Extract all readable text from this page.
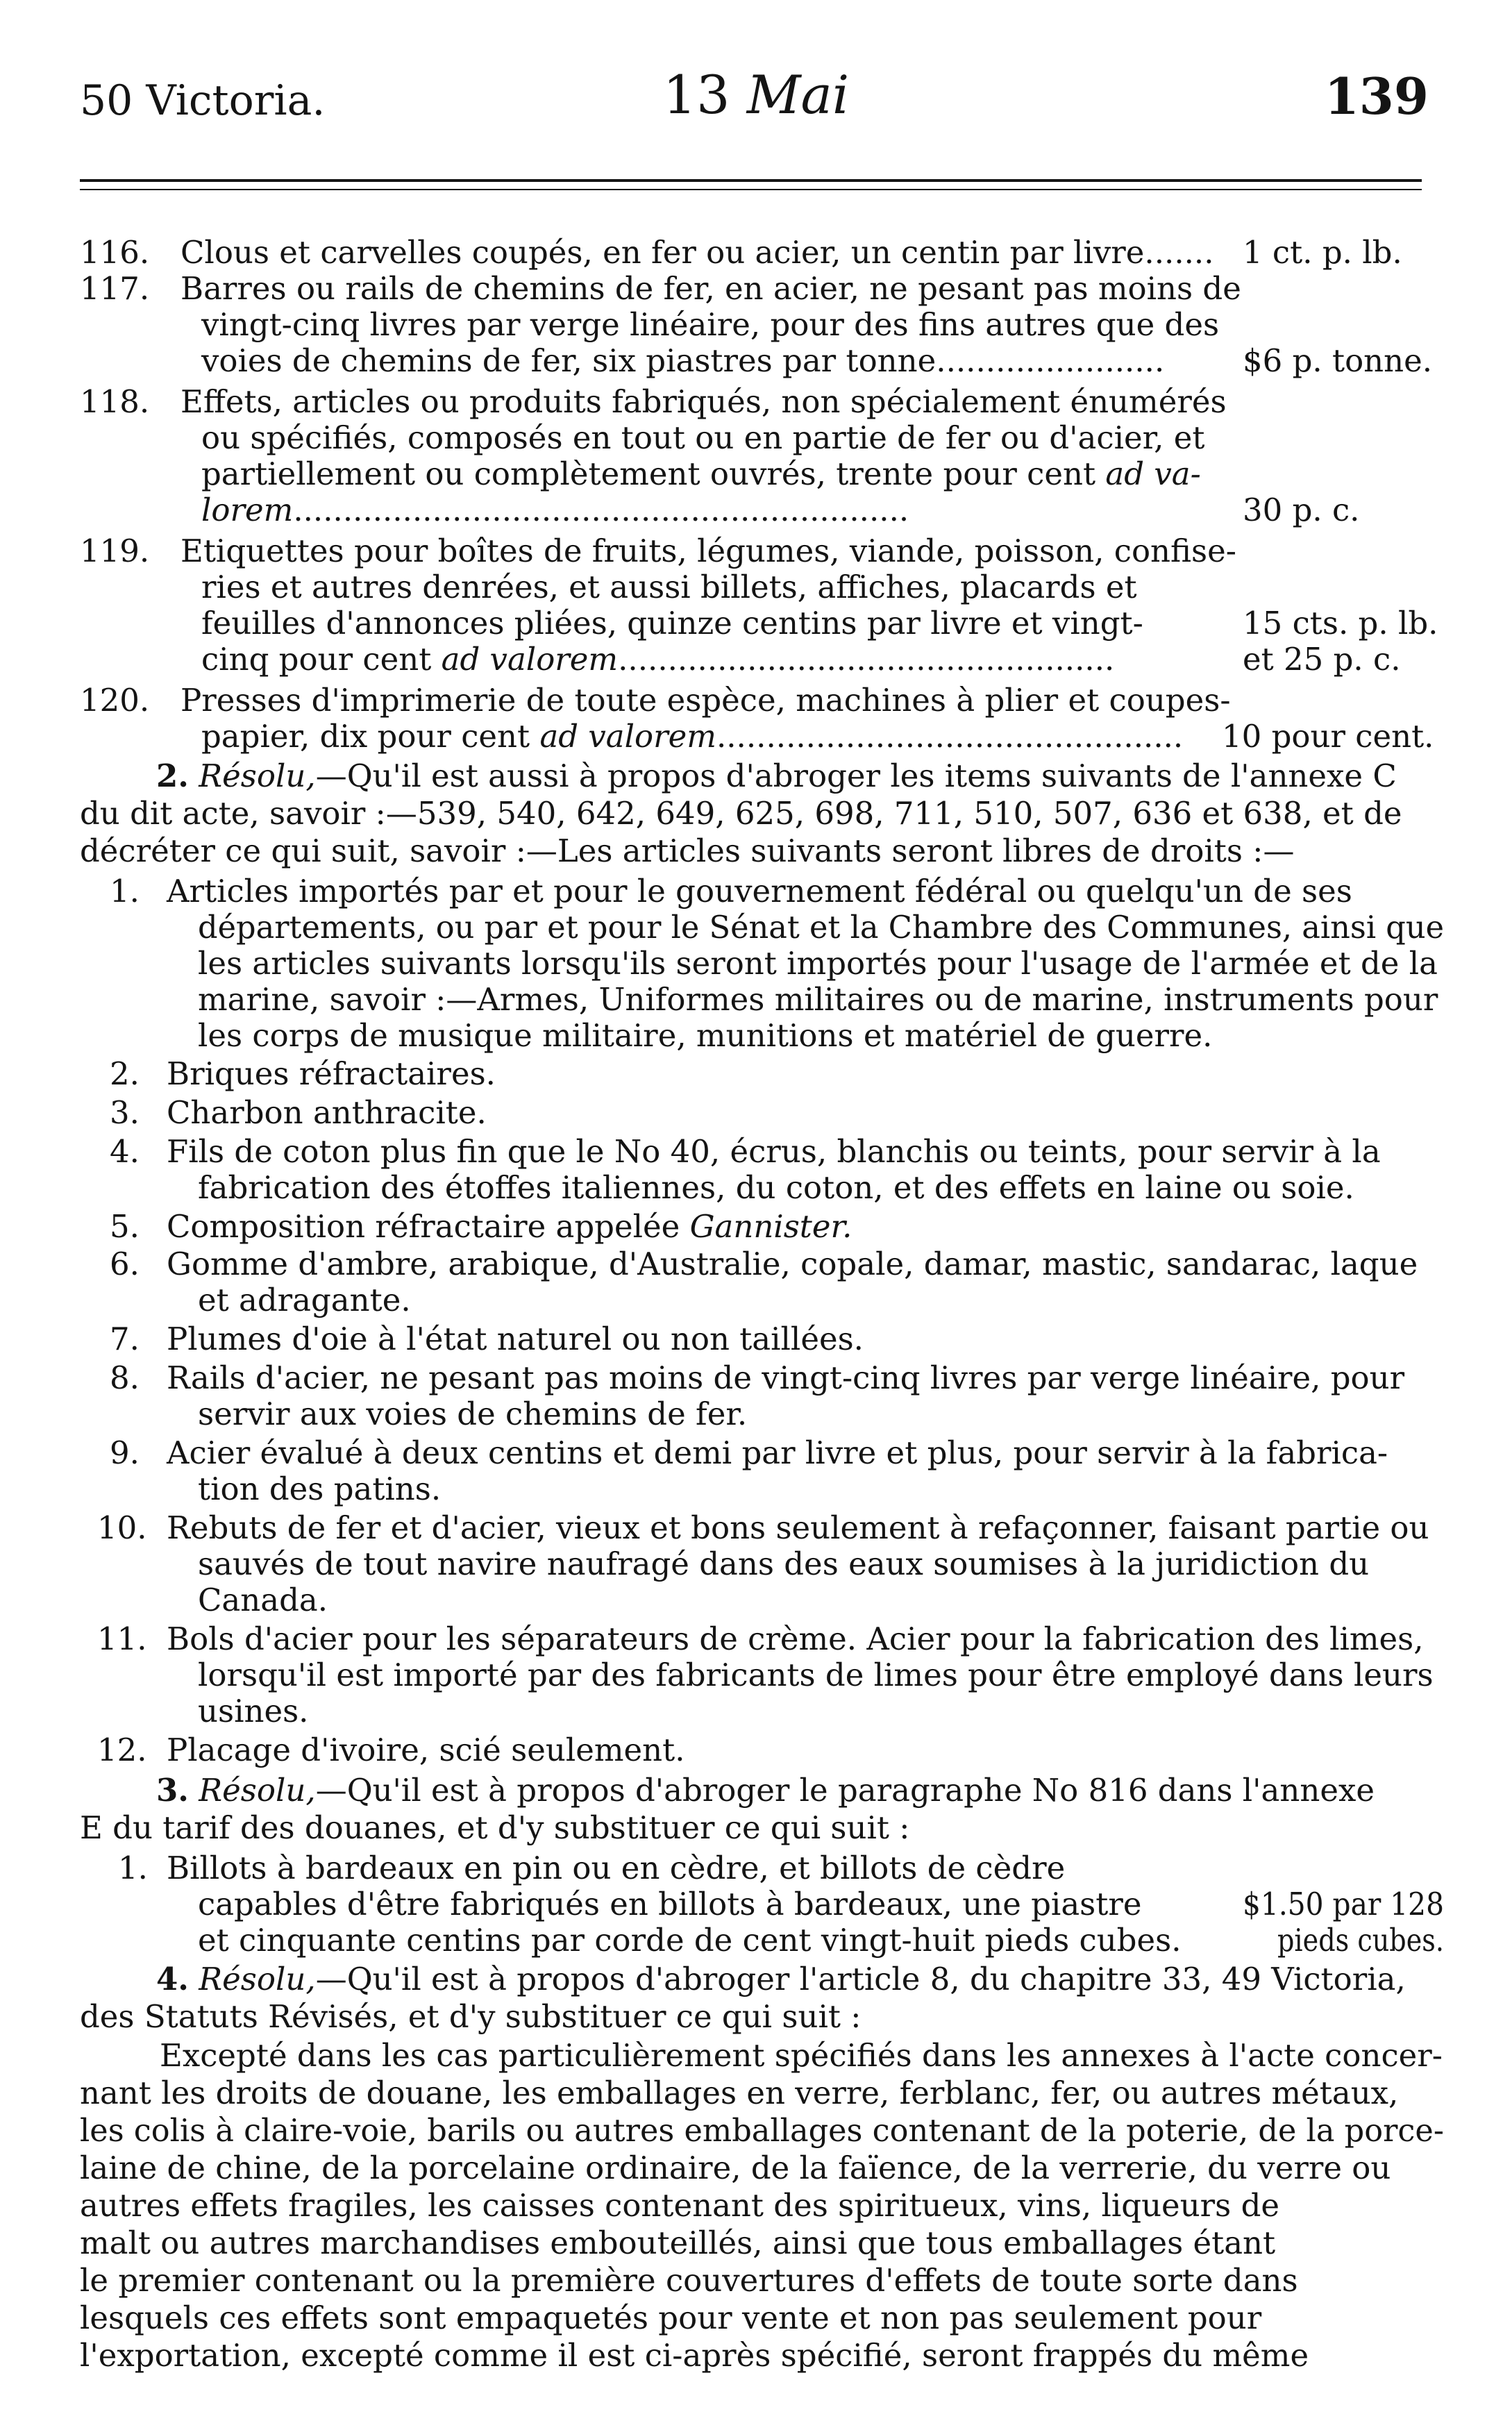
50 Victoria.	13 Mai	139
116. Clous et carvelles coupés, en fer ou acier, un centin par livre....... 1 ct. p. lb.
117. Barres ou rails de chemins de fer, en acier, ne pesant pas moins de
vingt-cinq livres par verge linéaire, pour des fins autres que des
voies de chemins de fer, six piastres par tonne.......................	$6 p. tonne.
118. Effets, articles ou produits fabriqués, non spécialement énumérés
ou spécifiés, composés en tout ou en partie de fer ou d'acier, et
partiellement ou complètement ouvrés, trente pour cent ad va-
lorem..............................................................	30 p. c.
119. Etiquettes pour boîtes de fruits, légumes, viande, poisson, confise-
ries et autres denrées, et aussi billets, affiches, placards et
feuilles d'annonces pliées, quinze centins par livre et vingt-	15 cts. p. lb.
cinq pour cent ad valorem..................................................	et 25 p. c.
120. Presses d'imprimerie de toute espèce, machines à plier et coupes-
papier, dix pour cent ad valorem............................................... 10 pour cent.
2. Résolu,—Qu'il est aussi à propos d'abroger les items suivants de l'annexe C
du dit acte, savoir :—539, 540, 642, 649, 625, 698, 711, 510, 507, 636 et 638, et de
décréter ce qui suit, savoir :—Les articles suivants seront libres de droits :—
1. Articles importés par et pour le gouvernement fédéral ou quelqu'un de ses
départements, ou par et pour le Sénat et la Chambre des Communes, ainsi que
les articles suivants lorsqu'ils seront importés pour l'usage de l'armée et de la
marine, savoir :—Armes, Uniformes militaires ou de marine, instruments pour
les corps de musique militaire, munitions et matériel de guerre.
2. Briques réfractaires.
3. Charbon anthracite.
4. Fils de coton plus fin que le No 40, écrus, blanchis ou teints, pour servir à la
fabrication des étoffes italiennes, du coton, et des effets en laine ou soie.
5. Composition réfractaire appelée Gannister.
6. Gomme d'ambre, arabique, d'Australie, copale, damar, mastic, sandarac, laque
et adragante.
7. Plumes d'oie à l'état naturel ou non taillées.
8. Rails d'acier, ne pesant pas moins de vingt-cinq livres par verge linéaire, pour
servir aux voies de chemins de fer.
9. Acier évalué à deux centins et demi par livre et plus, pour servir à la fabrica-
tion des patins.
10. Rebuts de fer et d'acier, vieux et bons seulement à refaçonner, faisant partie ou
sauvés de tout navire naufragé dans des eaux soumises à la juridiction du
Canada.
11. Bols d'acier pour les séparateurs de crème. Acier pour la fabrication des limes,
lorsqu'il est importé par des fabricants de limes pour être employé dans leurs
usines.
12. Placage d'ivoire, scié seulement.
3. Résolu,—Qu'il est à propos d'abroger le paragraphe No 816 dans l'annexe
E du tarif des douanes, et d'y substituer ce qui suit :
1. Billots à bardeaux en pin ou en cèdre, et billots de cèdre
capables d'être fabriqués en billots à bardeaux, une piastre	$1.50 par 128
et cinquante centins par corde de cent vingt-huit pieds cubes.	pieds cubes.
4. Résolu,—Qu'il est à propos d'abroger l'article 8, du chapitre 33, 49 Victoria,
des Statuts Révisés, et d'y substituer ce qui suit :
Excepté dans les cas particulièrement spécifiés dans les annexes à l'acte concer-
nant les droits de douane, les emballages en verre, ferblanc, fer, ou autres métaux,
les colis à claire-voie, barils ou autres emballages contenant de la poterie, de la porce-
laine de chine, de la porcelaine ordinaire, de la faïence, de la verrerie, du verre ou
autres effets fragiles, les caisses contenant des spiritueux, vins, liqueurs de
malt ou autres marchandises embouteillés, ainsi que tous emballages étant
le premier contenant ou la première couvertures d'effets de toute sorte dans
lesquels ces effets sont empaquetés pour vente et non pas seulement pour
l'exportation, excepté comme il est ci-après spécifié, seront frappés du même
